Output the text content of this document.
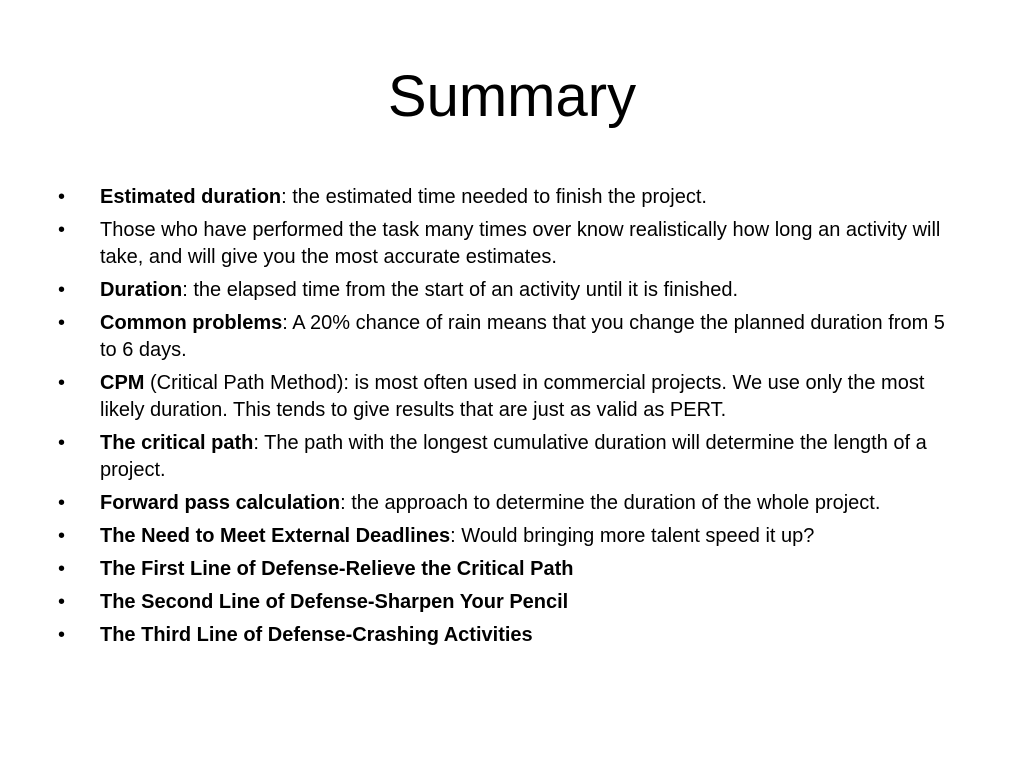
Summary
• Estimated duration: the estimated time needed to finish the project.
• Those who have performed the task many times over know realistically how long an activity will take, and will give you the most accurate estimates.
• Duration: the elapsed time from the start of an activity until it is finished.
• Common problems: A 20% chance of rain means that you change the planned duration from 5 to 6 days.
• CPM (Critical Path Method): is most often used in commercial projects. We use only the most likely duration. This tends to give results that are just as valid as PERT.
• The critical path: The path with the longest cumulative duration will determine the length of a project.
• Forward pass calculation: the approach to determine the duration of the whole project.
• The Need to Meet External Deadlines: Would bringing more talent speed it up?
• The First Line of Defense-Relieve the Critical Path
• The Second Line of Defense-Sharpen Your Pencil
• The Third Line of Defense-Crashing Activities
